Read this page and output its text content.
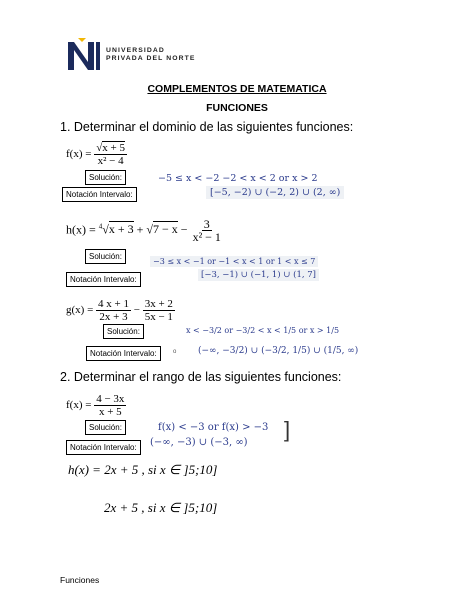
UNIVERSIDAD
PRIVADA DEL NORTE
COMPLEMENTOS DE MATEMATICA
FUNCIONES
1. Determinar el dominio de las siguientes funciones:
$f(x) = \frac{√x + 5}{\text{x² − 4}}$
Solución:
Notación Intervalo:
−5 ≤ x < −2 −2 < x < 2 or x > 2
[−5, −2) ∪ (−2, 2) ∪ (2, ∞)
$h(x) = ^4√x + 3 + √7 - x - \frac{3}{\text{x² − 1}}$
Solución:
Notación Intervalo:
−3 ≤ x < −1 or −1 < x < 1 or 1 < x ≤ 7
[−3, −1) ∪ (−1, 1) ∪ (1, 7]
$g(x) = \frac{4 x + 1}{2x + 3} - \frac{3x + 2}{5x - 1}$
Solución:
Notación Intervalo:	o
x < −3/2 or −3/2 < x < 1/5 or x > 1/5
(−∞, −3/2) ∪ (−3/2, 1/5) ∪ (1/5, ∞)
2. Determinar el rango de las siguientes funciones:
$f(x) = \frac{4 - 3x}{x + 5}$
Solución:
Notación Intervalo:
f(x) < −3 or f(x) > −3
(−∞, −3) ∪ (−3, ∞)
]
h(x) = 2x + 5 , si x ∈ ]5;10]
2x + 5 , si x ∈ ]5;10]
Funciones
